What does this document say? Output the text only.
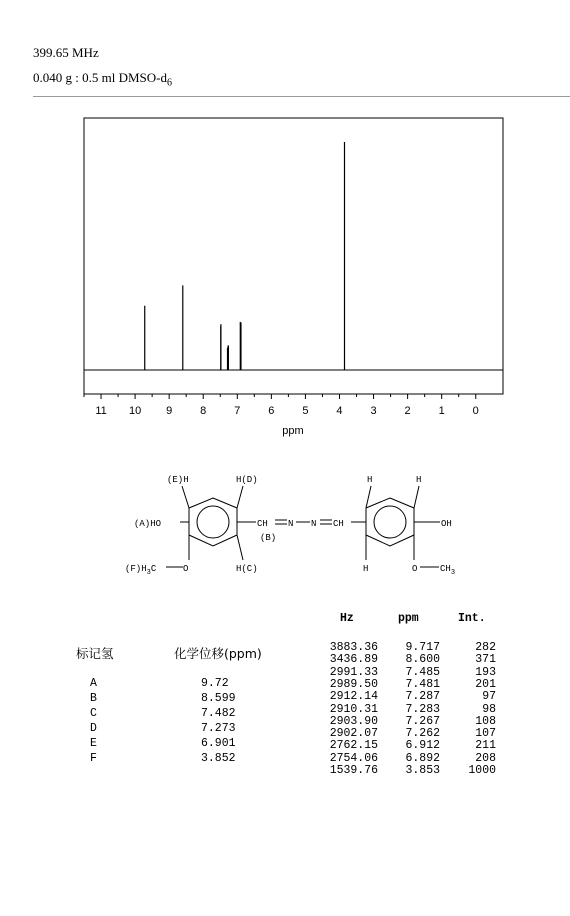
399.65 MHz
0.040 g : 0.5 ml DMSO-$d_6$
11 10 9	8	7	6	5	4	3	2	1	0
ppm
(E)H	H(D)
(A)HO
(B)
$(F)H_3C$	O	H(C)
CH N N CH
H	H
OH
H	O	$CH_3$
标记氢	化学位移(ppm)
A	9.72
B	8.599
C	7.482
D	7.273
E	6.901
F	3.852
Hz	ppm	Int.
3883.36	9.717	282
3436.89	8.600	371
2991.33	7.485	193
2989.50	7.481	201
2912.14	7.287	97
2910.31	7.283	98
2903.90	7.267	108
2902.07	7.262	107
2762.15	6.912	211
2754.06	6.892	208
1539.76	3.853	1000
